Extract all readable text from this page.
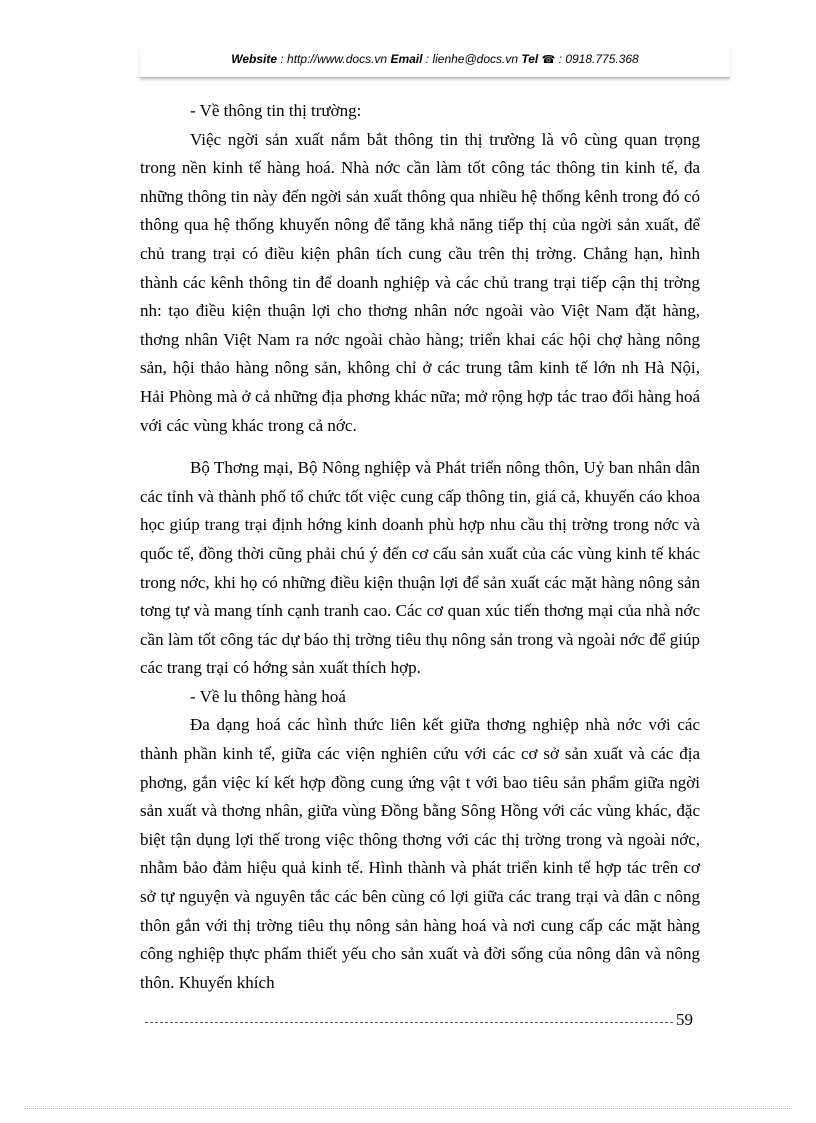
Website : http://www.docs.vn Email : lienhe@docs.vn Tel ☎ : 0918.775.368

- Về thông tin thị trường:

Việc ngời sản xuất nắm bắt thông tin thị trường là vô cùng quan trọng trong nền kinh tế hàng hoá. Nhà nớc cần làm tốt công tác thông tin kinh tế, đa những thông tin này đến ngời sản xuất thông qua nhiều hệ thống kênh trong đó có thông qua hệ thống khuyến nông để tăng khả năng tiếp thị của ngời sản xuất, để chủ trang trại có điều kiện phân tích cung cầu trên thị trờng. Chẳng hạn, hình thành các kênh thông tin để doanh nghiệp và các chủ trang trại tiếp cận thị trờng nh: tạo điều kiện thuận lợi cho thơng nhân nớc ngoài vào Việt Nam đặt hàng, thơng nhân Việt Nam ra nớc ngoài chào hàng; triển khai các hội chợ hàng nông sản, hội thảo hàng nông sản, không chỉ ở các trung tâm kinh tế lớn nh Hà Nội, Hải Phòng mà ở cả những địa phơng khác nữa; mở rộng hợp tác trao đổi hàng hoá với các vùng khác trong cả nớc.

Bộ Thơng mại, Bộ Nông nghiệp và Phát triển nông thôn, Uỷ ban nhân dân các tỉnh và thành phố tổ chức tốt việc cung cấp thông tin, giá cả, khuyến cáo khoa học giúp trang trại định hớng kinh doanh phù hợp nhu cầu thị trờng trong nớc và quốc tế, đồng thời cũng phải chú ý đến cơ cấu sản xuất của các vùng kinh tế khác trong nớc, khi họ có những điều kiện thuận lợi để sản xuất các mặt hàng nông sản tơng tự và mang tính cạnh tranh cao. Các cơ quan xúc tiến thơng mại của nhà nớc cần làm tốt công tác dự báo thị trờng tiêu thụ nông sản trong và ngoài nớc để giúp các trang trại có hớng sản xuất thích hợp.

- Về lu thông hàng hoá

Đa dạng hoá các hình thức liên kết giữa thơng nghiệp nhà nớc với các thành phần kinh tế, giữa các viện nghiên cứu với các cơ sở sản xuất và các địa phơng, gắn việc kí kết hợp đồng cung ứng vật t với bao tiêu sản phẩm giữa ngời sản xuất và thơng nhân, giữa vùng Đồng bằng Sông Hồng với các vùng khác, đặc biệt tận dụng lợi thế trong việc thông thơng với các thị trờng trong và ngoài nớc, nhằm bảo đảm hiệu quả kinh tế. Hình thành và phát triển kinh tế hợp tác trên cơ sở tự nguyện và nguyên tắc các bên cùng có lợi giữa các trang trại và dân c nông thôn gắn với thị trờng tiêu thụ nông sản hàng hoá và nơi cung cấp các mặt hàng công nghiệp thực phẩm thiết yếu cho sản xuất và đời sống của nông dân và nông thôn. Khuyến khích

59
